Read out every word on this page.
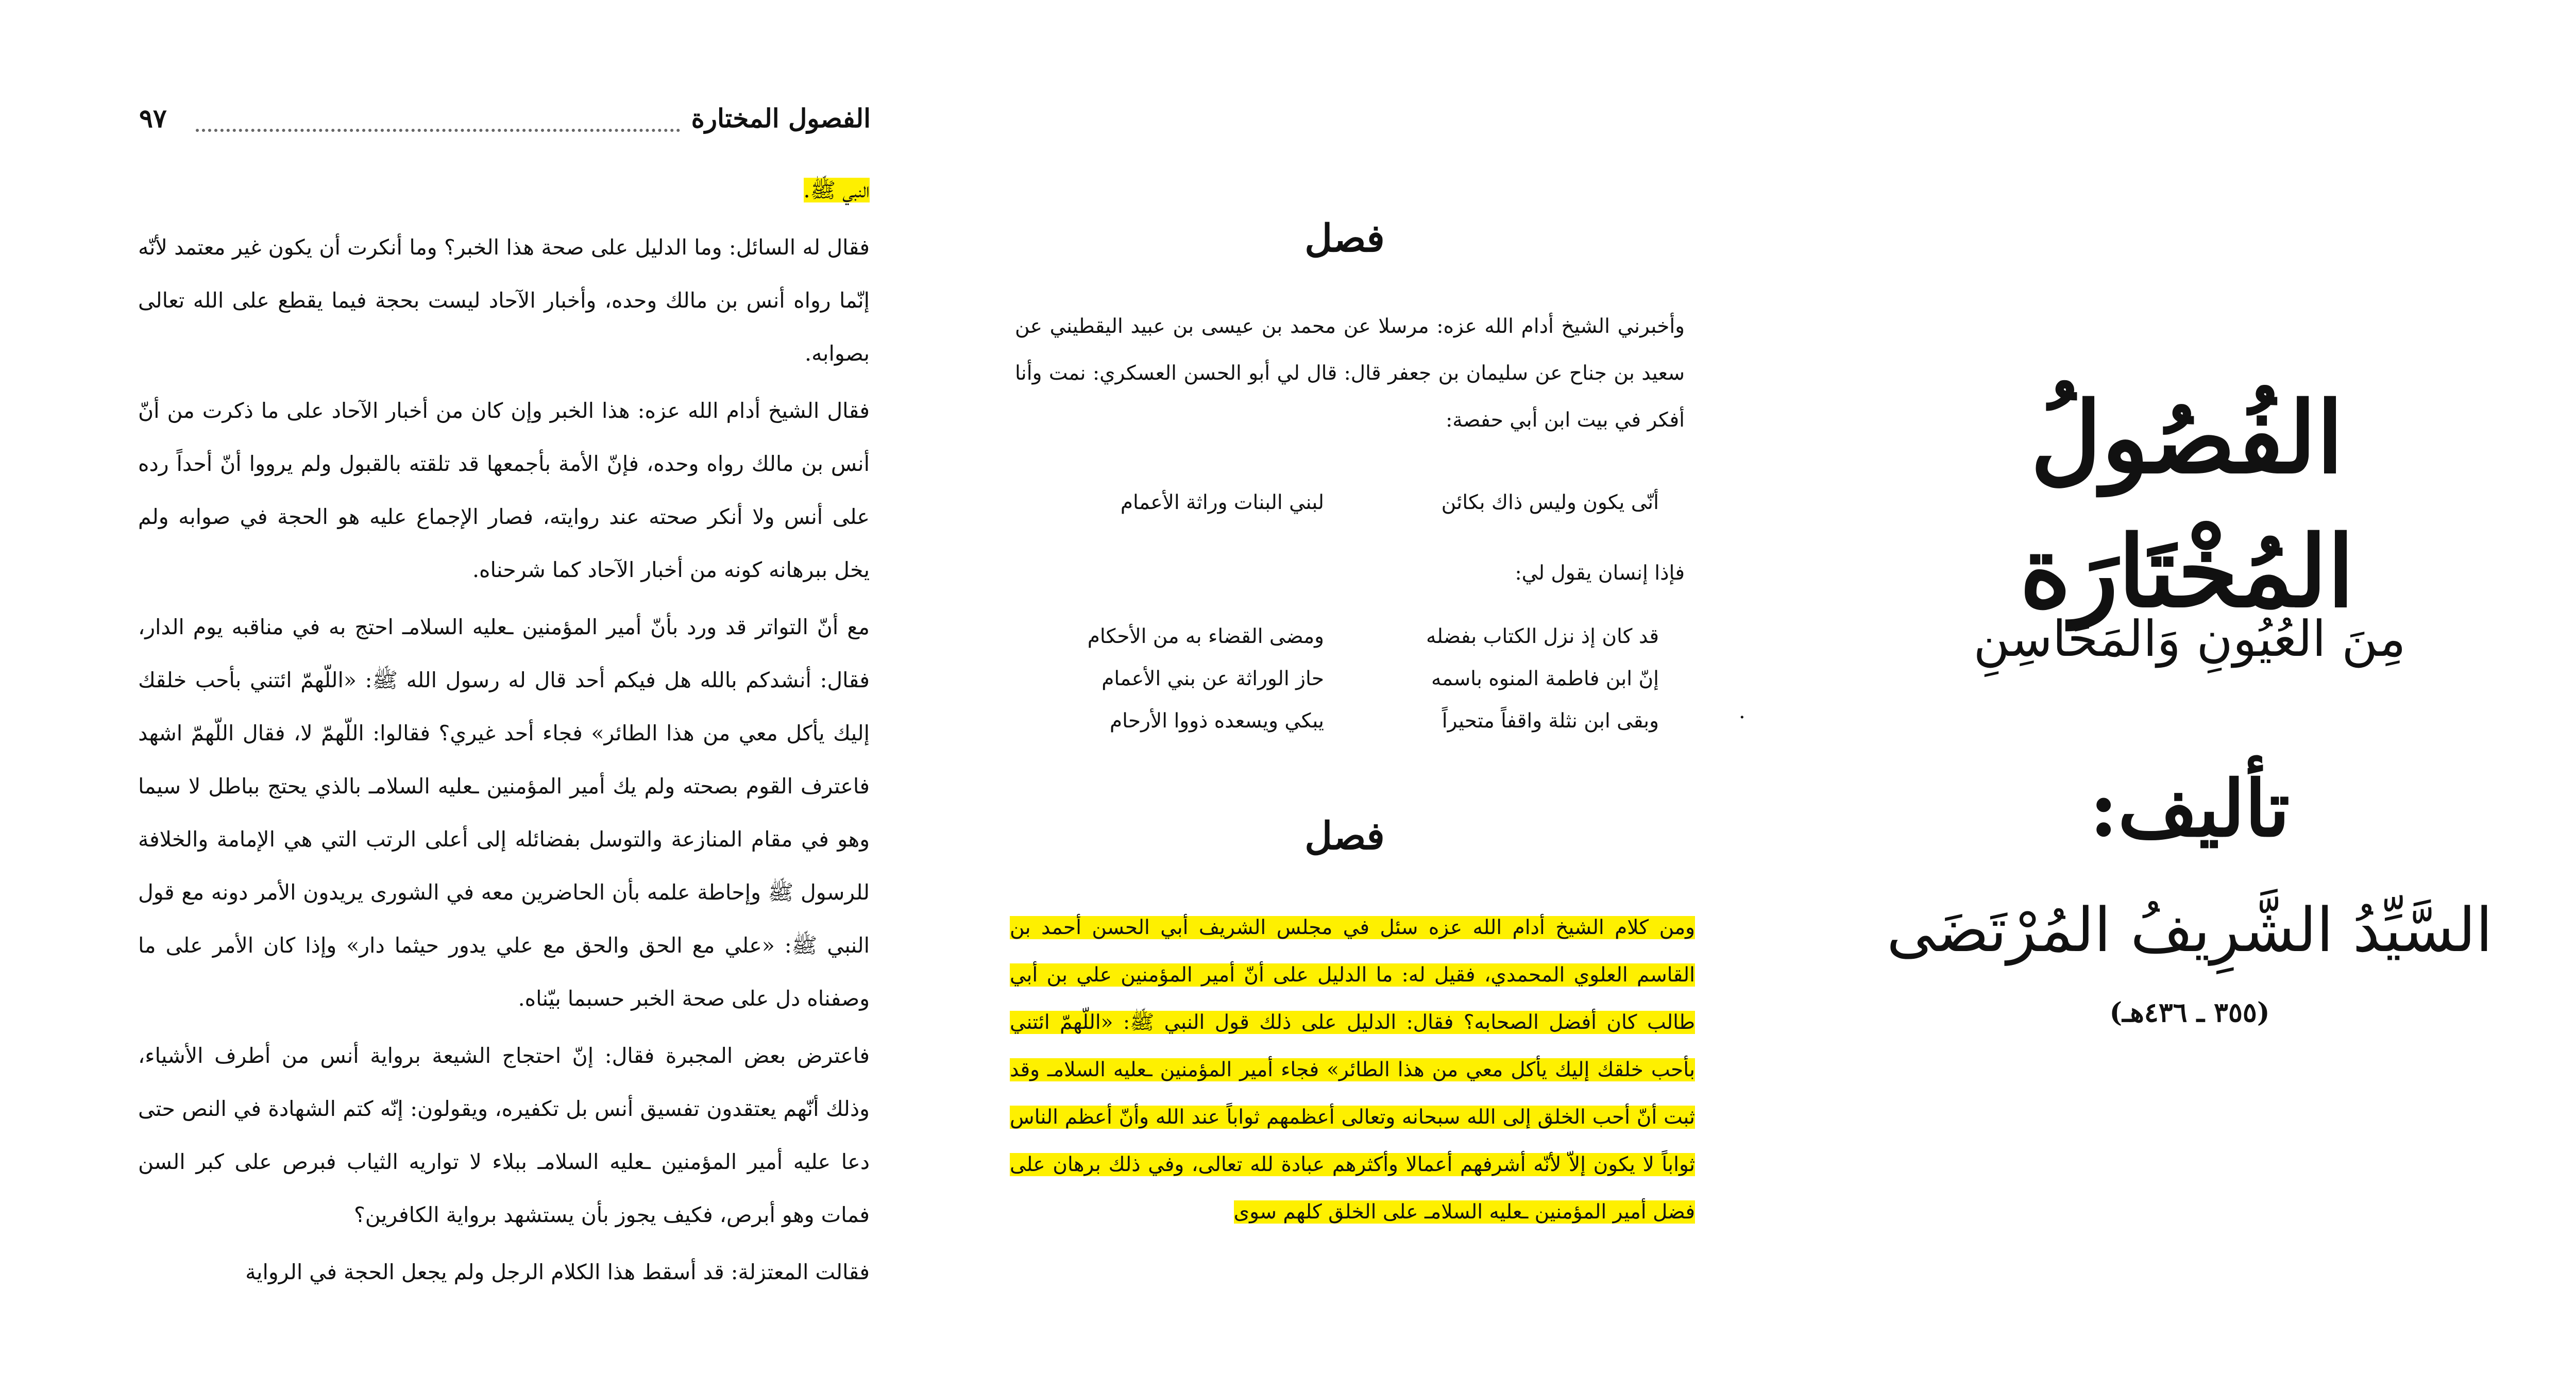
٩٧	الفصول المختارة

النبي ﷺ.

فقال له السائل: وما الدليل على صحة هذا الخبر؟ وما أنكرت أن يكون غير معتمد لأنّه إنّما رواه أنس بن مالك وحده، وأخبار الآحاد ليست بحجة فيما يقطع على الله تعالى بصوابه.

فقال الشيخ أدام الله عزه: هذا الخبر وإن كان من أخبار الآحاد على ما ذكرت من أنّ أنس بن مالك رواه وحده، فإنّ الأمة بأجمعها قد تلقته بالقبول ولم يرووا أنّ أحداً رده على أنس ولا أنكر صحته عند روايته، فصار الإجماع عليه هو الحجة في صوابه ولم يخل ببرهانه كونه من أخبار الآحاد كما شرحناه.

مع أنّ التواتر قد ورد بأنّ أمير المؤمنين ـعليه السلامـ احتج به في مناقبه يوم الدار، فقال: أنشدكم بالله هل فيكم أحد قال له رسول الله ﷺ: «اللّهمّ ائتني بأحب خلقك إليك يأكل معي من هذا الطائر» فجاء أحد غيري؟ فقالوا: اللّهمّ لا، فقال اللّهمّ اشهد فاعترف القوم بصحته ولم يك أمير المؤمنين ـعليه السلامـ بالذي يحتج بباطل لا سيما وهو في مقام المنازعة والتوسل بفضائله إلى أعلى الرتب التي هي الإمامة والخلافة للرسول ﷺ وإحاطة علمه بأن الحاضرين معه في الشورى يريدون الأمر دونه مع قول النبي ﷺ: «علي مع الحق والحق مع علي يدور حيثما دار» وإذا كان الأمر على ما وصفناه دل على صحة الخبر حسبما بيّناه.

فاعترض بعض المجبرة فقال: إنّ احتجاج الشيعة برواية أنس من أطرف الأشياء، وذلك أنّهم يعتقدون تفسيق أنس بل تكفيره، ويقولون: إنّه كتم الشهادة في النص حتى دعا عليه أمير المؤمنين ـعليه السلامـ ببلاء لا تواريه الثياب فبرص على كبر السن فمات وهو أبرص، فكيف يجوز بأن يستشهد برواية الكافرين؟

فقالت المعتزلة: قد أسقط هذا الكلام الرجل ولم يجعل الحجة في الرواية

فصل
وأخبرني الشيخ أدام الله عزه: مرسلا عن محمد بن عيسى بن عبيد اليقطيني عن سعيد بن جناح عن سليمان بن جعفر قال: قال لي أبو الحسن العسكري: نمت وأنا أفكر في بيت ابن أبي حفصة:
أنّى يكون وليس ذاك بكائن
لبني البنات وراثة الأعمام
فإذا إنسان يقول لي:
قد كان إذ نزل الكتاب بفضله
ومضى القضاء به من الأحكام
إنّ ابن فاطمة المنوه باسمه
حاز الوراثة عن بني الأعمام
وبقى ابن نثلة واقفاً متحيراً
يبكي ويسعده ذووا الأرحام	·
فصل
ومن كلام الشيخ أدام الله عزه سئل في مجلس الشريف أبي الحسن أحمد بن القاسم العلوي المحمدي، فقيل له: ما الدليل على أنّ أمير المؤمنين علي بن أبي طالب كان أفضل الصحابه؟ فقال: الدليل على ذلك قول النبي ﷺ: «اللّهمّ ائتني بأحب خلقك إليك يأكل معي من هذا الطائر» فجاء أمير المؤمنين ـعليه السلامـ وقد ثبت أنّ أحب الخلق إلى الله سبحانه وتعالى أعظمهم ثواباً عند الله وأنّ أعظم الناس ثواباً لا يكون إلاّ لأنّه أشرفهم أعمالا وأكثرهم عبادة لله تعالى، وفي ذلك برهان على فضل أمير المؤمنين ـعليه السلامـ على الخلق كلهم سوى
الفُصُولُ المُخْتَارَة
مِنَ العُيُونِ وَالمَحَاسِنِ
تأليف:
السَّيِّدُ الشَّرِيفُ المُرْتَضَى
(٣٥٥ ـ ٤٣٦هـ)
